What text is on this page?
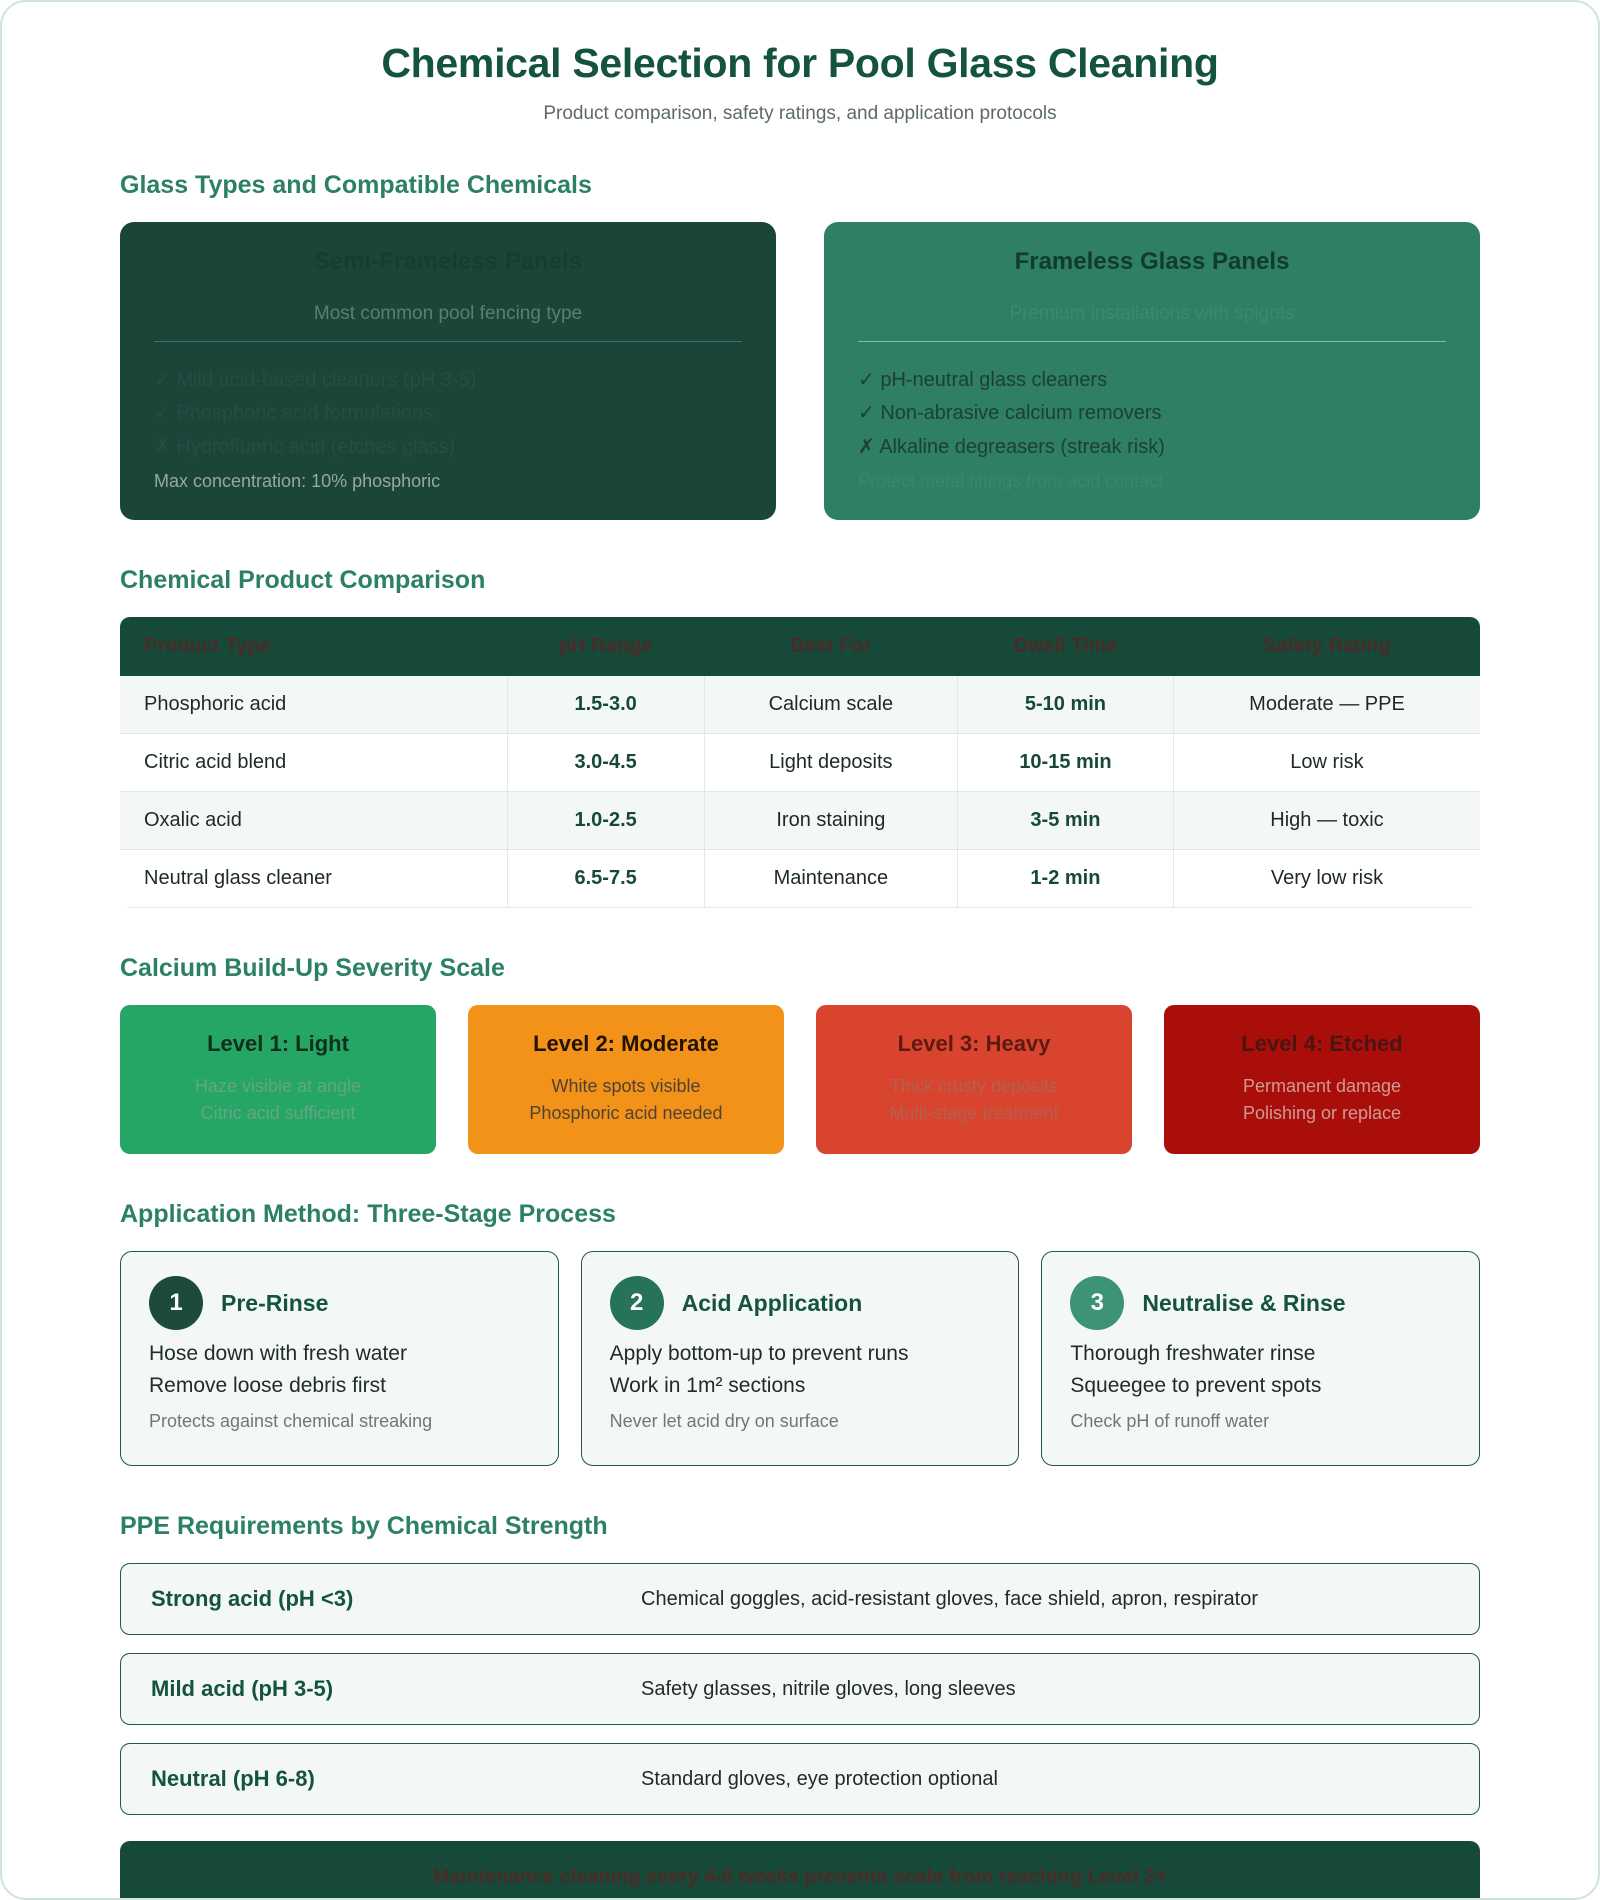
Chemical Selection for Pool Glass Cleaning
Product comparison, safety ratings, and application protocols
Glass Types and Compatible Chemicals
Semi-Frameless Panels
Most common pool fencing type
✓ Mild acid-based cleaners (pH 3-5)
✓ Phosphoric acid formulations
✗ Hydrofluoric acid (etches glass)
Max concentration: 10% phosphoric
Frameless Glass Panels
Premium installations with spigots
✓ pH-neutral glass cleaners
✓ Non-abrasive calcium removers
✗ Alkaline degreasers (streak risk)
Protect metal fittings from acid contact
Chemical Product Comparison
Product Type	pH Range	Best For	Dwell Time	Safety Rating
Phosphoric acid	1.5-3.0	Calcium scale	5-10 min	Moderate — PPE
Citric acid blend	3.0-4.5	Light deposits	10-15 min	Low risk
Oxalic acid	1.0-2.5	Iron staining	3-5 min	High — toxic
Neutral glass cleaner	6.5-7.5	Maintenance	1-2 min	Very low risk
Calcium Build-Up Severity Scale
Level 1: Light
Haze visible at angle
Citric acid sufficient
Level 2: Moderate
White spots visible
Phosphoric acid needed
Level 3: Heavy
Thick crusty deposits
Multi-stage treatment
Level 4: Etched
Permanent damage
Polishing or replace
Application Method: Three-Stage Process
1	Pre-Rinse
Hose down with fresh water
Remove loose debris first
Protects against chemical streaking
2	Acid Application
Apply bottom-up to prevent runs
Work in 1m² sections
Never let acid dry on surface
3	Neutralise & Rinse
Thorough freshwater rinse
Squeegee to prevent spots
Check pH of runoff water
PPE Requirements by Chemical Strength
Strong acid (pH <3)	Chemical goggles, acid-resistant gloves, face shield, apron, respirator
Mild acid (pH 3-5)	Safety glasses, nitrile gloves, long sleeves
Neutral (pH 6-8)	Standard gloves, eye protection optional
Maintenance cleaning every 4-6 weeks prevents scale from reaching Level 2+
